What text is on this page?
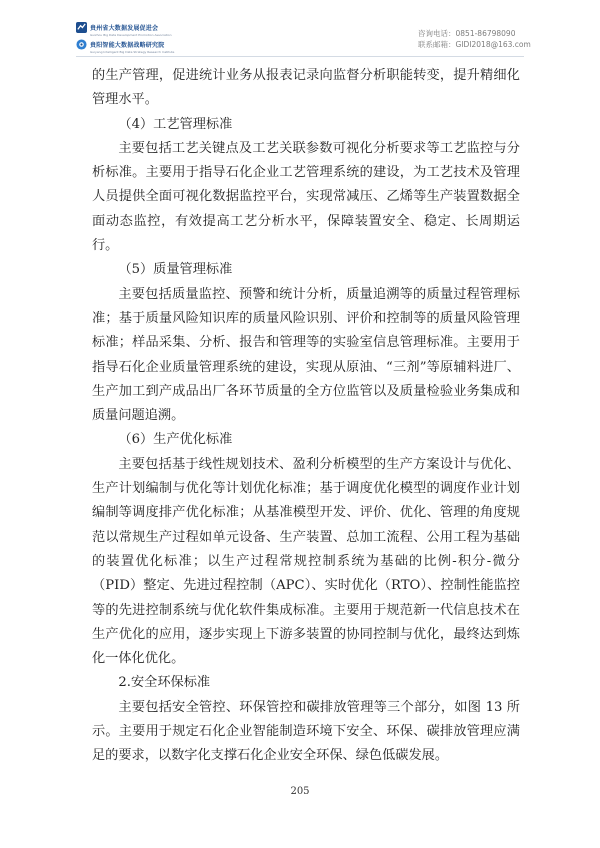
贵州省大数据发展促进会
Guizhou Big Data Development Promotion Association
贵阳智能大数据战略研究院
Guiyang Intelligent Big Data Strategy Research Institute
咨询电话：0851-86798090
联系邮箱：GIDI2018@163.com

的生产管理，促进统计业务从报表记录向监督分析职能转变，提升精细化管理水平。

（4）工艺管理标准

主要包括工艺关键点及工艺关联参数可视化分析要求等工艺监控与分析标准。主要用于指导石化企业工艺管理系统的建设，为工艺技术及管理人员提供全面可视化数据监控平台，实现常减压、乙烯等生产装置数据全面动态监控，有效提高工艺分析水平，保障装置安全、稳定、长周期运行。

（5）质量管理标准

主要包括质量监控、预警和统计分析，质量追溯等的质量过程管理标准；基于质量风险知识库的质量风险识别、评价和控制等的质量风险管理标准；样品采集、分析、报告和管理等的实验室信息管理标准。主要用于指导石化企业质量管理系统的建设，实现从原油、“三剂”等原辅料进厂、生产加工到产成品出厂各环节质量的全方位监管以及质量检验业务集成和质量问题追溯。

（6）生产优化标准

主要包括基于线性规划技术、盈利分析模型的生产方案设计与优化、生产计划编制与优化等计划优化标准；基于调度优化模型的调度作业计划编制等调度排产优化标准；从基准模型开发、评价、优化、管理的角度规范以常规生产过程如单元设备、生产装置、总加工流程、公用工程为基础的装置优化标准；以生产过程常规控制系统为基础的比例-积分-微分（PID）整定、先进过程控制（APC）、实时优化（RTO）、控制性能监控等的先进控制系统与优化软件集成标准。主要用于规范新一代信息技术在生产优化的应用，逐步实现上下游多装置的协同控制与优化，最终达到炼化一体化优化。

2.安全环保标准

主要包括安全管控、环保管控和碳排放管理等三个部分，如图 13 所示。主要用于规定石化企业智能制造环境下安全、环保、碳排放管理应满足的要求，以数字化支撑石化企业安全环保、绿色低碳发展。

205
